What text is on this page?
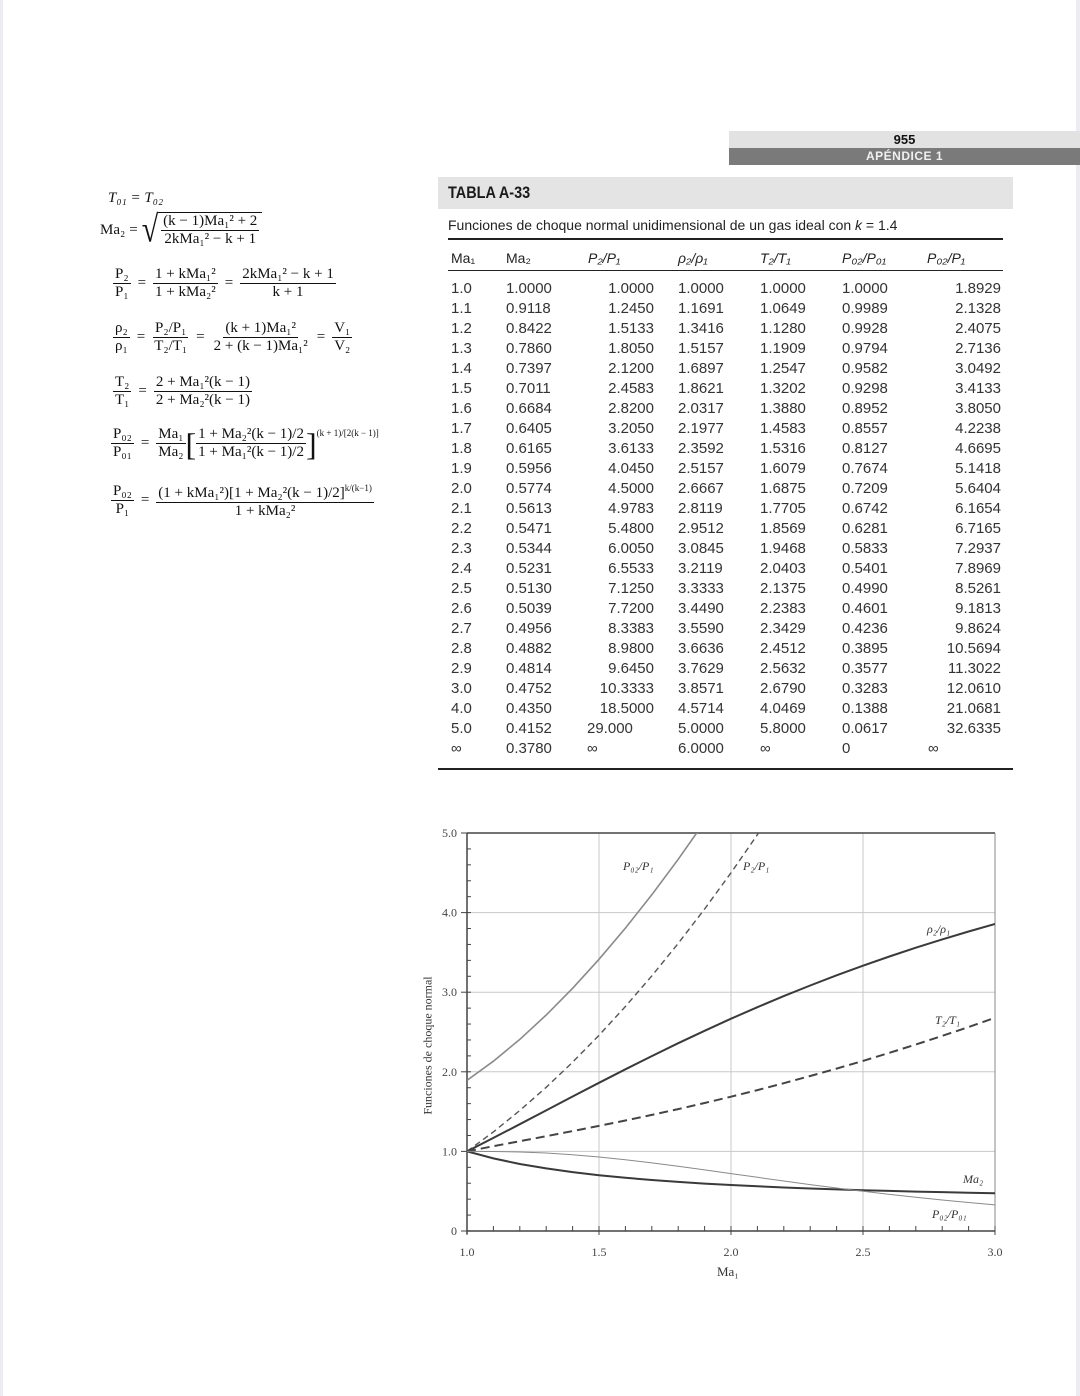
955
APÉNDICE 1
T₀₁ = T₀₂
Ma₂ = √ $\frac{\text{(k − 1)Ma₁² + 2}}{\text{2kMa₁² − k + 1}}$
$\frac{\text{P₂}}{\text{P₁}} = \frac{\text{1 + kMa₁²}}{\text{1 + kMa₂²}} = \frac{\text{2kMa₁² − k + 1}}{k + 1}$
$\frac{\text{ρ₂}}{\text{ρ₁}} = \frac{\text{P₂/P₁}}{\text{T₂/T₁}} = \frac{\text{(k + 1)Ma₁²}}{\text{2 + (k − 1)Ma₁²}} = \frac{\text{V₁}}{\text{V₂}}$
$\frac{\text{T₂}}{\text{T₁}} = \frac{\text{2 + Ma₁²(k − 1)}}{\text{2 + Ma₂²(k − 1)}}$
$\frac{\text{P₀₂}}{\text{P₀₁}} = \frac{\text{Ma₁}}{\text{Ma₂}}$ [ $\frac{\text{1 + Ma₂²(k − 1)/2}}{\text{1 + Ma₁²(k − 1)/2}}$ ] (k + 1)/[2(k − 1)]
$\frac{\text{P₀₂}}{\text{P₁}} = \frac{(1 + kMa_1^2)[1 + Ma_2^2(k - 1)/2]^{k/(k-1)}}{\text{1 + kMa₂²}}$
TABLA A-33
Funciones de choque normal unidimensional de un gas ideal con k = 1.4
Ma₁ Ma₂	P₂/P₁	ρ₂/ρ₁	T₂/T₁	P₀₂/P₀₁	P₀₂/P₁
1.0 1.0000	1.0000 1.0000 1.0000 1.0000	1.8929
1.1 0.9118	1.2450 1.1691 1.0649 0.9989	2.1328
1.2 0.8422	1.5133 1.3416 1.1280 0.9928	2.4075
1.3 0.7860	1.8050 1.5157 1.1909 0.9794	2.7136
1.4 0.7397	2.1200 1.6897 1.2547 0.9582	3.0492
1.5 0.7011	2.4583 1.8621 1.3202 0.9298	3.4133
1.6 0.6684	2.8200 2.0317 1.3880 0.8952	3.8050
1.7 0.6405	3.2050 2.1977 1.4583 0.8557	4.2238
1.8 0.6165	3.6133 2.3592 1.5316 0.8127	4.6695
1.9 0.5956	4.0450 2.5157 1.6079 0.7674	5.1418
2.0 0.5774	4.5000 2.6667 1.6875 0.7209	5.6404
2.1 0.5613	4.9783 2.8119 1.7705 0.6742	6.1654
2.2 0.5471	5.4800 2.9512 1.8569 0.6281	6.7165
2.3 0.5344	6.0050 3.0845 1.9468 0.5833	7.2937
2.4 0.5231	6.5533 3.2119 2.0403 0.5401	7.8969
2.5 0.5130	7.1250 3.3333 2.1375 0.4990	8.5261
2.6 0.5039	7.7200 3.4490 2.2383 0.4601	9.1813
2.7 0.4956	8.3383 3.5590 2.3429 0.4236	9.8624
2.8 0.4882	8.9800 3.6636 2.4512 0.3895	10.5694
2.9 0.4814	9.6450 3.7629 2.5632 0.3577	11.3022
3.0 0.4752	10.3333 3.8571 2.6790 0.3283	12.0610
4.0 0.4350	18.5000 4.5714 4.0469 0.1388	21.0681
5.0 0.4152 29.000	5.0000 5.8000 0.0617	32.6335
∞	0.3780 ∞	6.0000 ∞	0	∞
0
1.0
2.0
3.0
4.0
5.0
1.0	1.5	2.0	2.5	3.0
P₀₂/P₁	P₂/P₁
ρ₂/ρ₁
T₂/T₁
Ma₂
P₀₂/P₀₁
Funciones de choque normal
Ma₁
